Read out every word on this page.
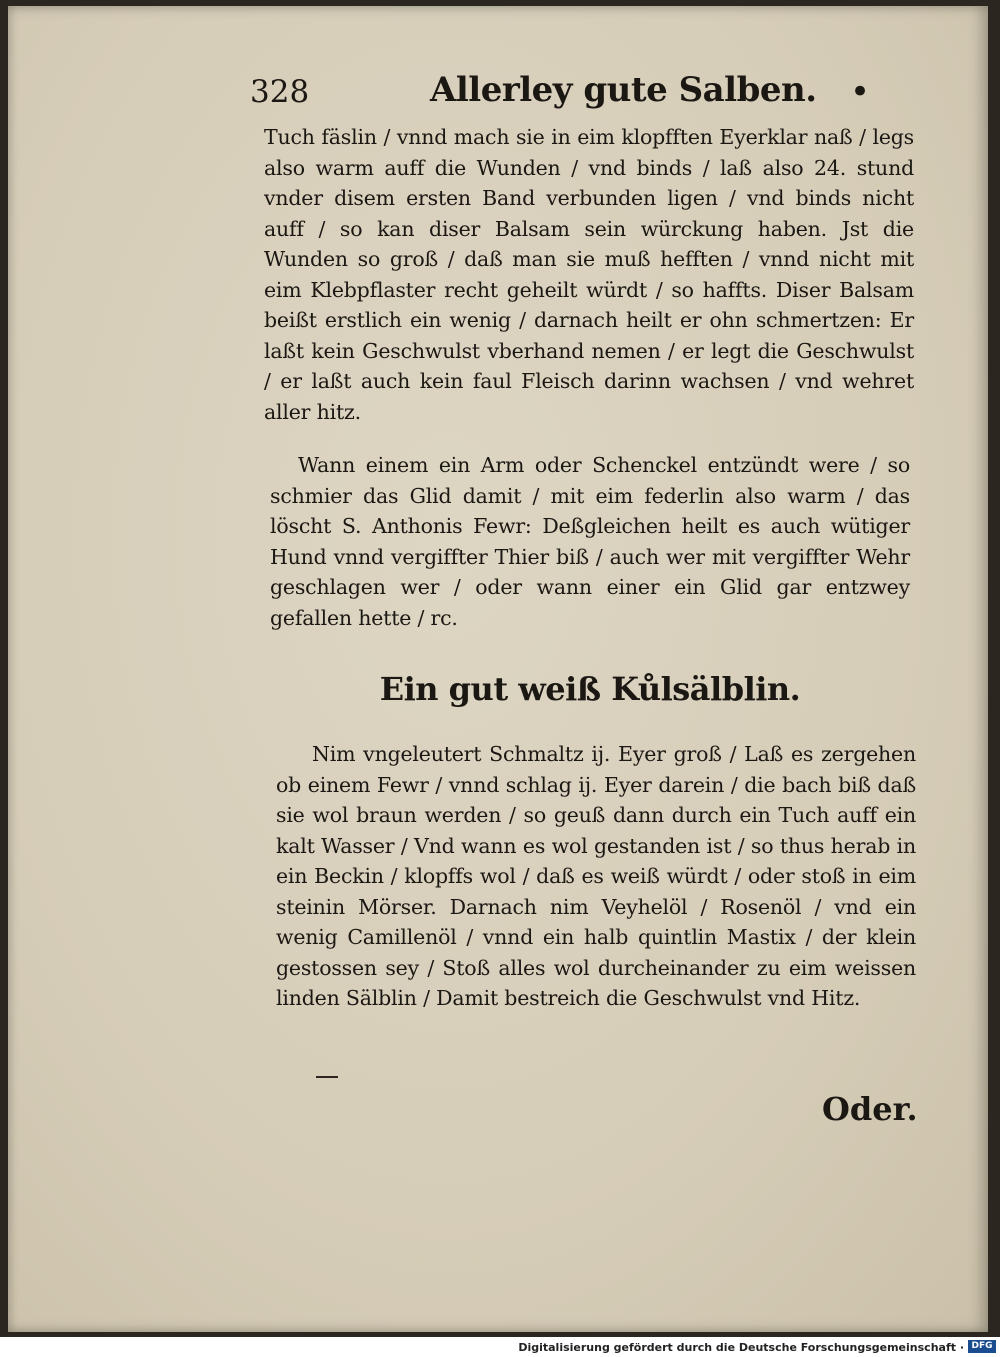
328	Allerley gute Salben. •

Tuch fäslin / vnnd mach sie in eim klopfften Eyerklar naß / legs also warm auff die Wunden / vnd binds / laß also 24. stund vnder disem ersten Band verbunden ligen / vnd binds nicht auff / so kan diser Balsam sein würckung haben. Jst die Wunden so groß / daß man sie muß hefften / vnnd nicht mit eim Klebpflaster recht geheilt würdt / so haffts. Diser Balsam beißt erstlich ein wenig / darnach heilt er ohn schmertzen: Er laßt kein Geschwulst vberhand nemen / er legt die Geschwulst / er laßt auch kein faul Fleisch darinn wachsen / vnd wehret aller hitz.

Wann einem ein Arm oder Schenckel entzündt were / so schmier das Glid damit / mit eim federlin also warm / das löscht S. Anthonis Fewr: Deßgleichen heilt es auch wütiger Hund vnnd vergiffter Thier biß / auch wer mit vergiffter Wehr geschlagen wer / oder wann einer ein Glid gar entzwey gefallen hette / rc.

Ein gut weiß Kůlsälblin.

Nim vngeleutert Schmaltz ij. Eyer groß / Laß es zergehen ob einem Fewr / vnnd schlag ij. Eyer darein / die bach biß daß sie wol braun werden / so geuß dann durch ein Tuch auff ein kalt Wasser / Vnd wann es wol gestanden ist / so thus herab in ein Beckin / klopffs wol / daß es weiß würdt / oder stoß in eim steinin Mörser. Darnach nim Veyhelöl / Rosenöl / vnd ein wenig Camillenöl / vnnd ein halb quintlin Mastix / der klein gestossen sey / Stoß alles wol durcheinander zu eim weissen linden Sälblin / Damit bestreich die Geschwulst vnd Hitz.

Oder.
Digitalisierung gefördert durch die Deutsche Forschungsgemeinschaft · DFG
